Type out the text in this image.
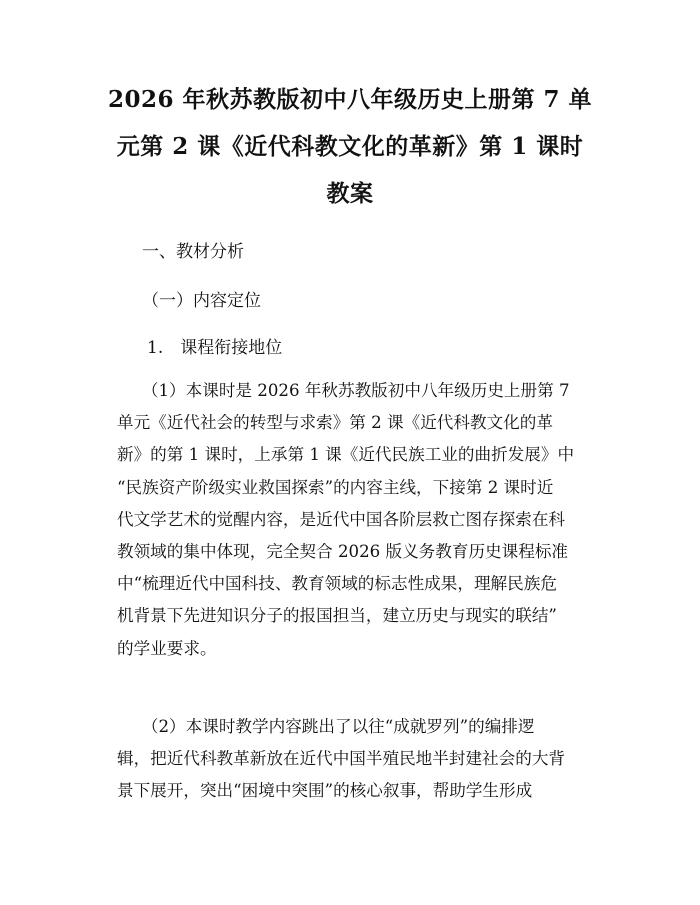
2026 年秋苏教版初中八年级历史上册第 7 单
元第 2 课《近代科教文化的革新》第 1 课时
教案
一、教材分析
（一）内容定位
1.　课程衔接地位
　　（1）本课时是 2026 年秋苏教版初中八年级历史上册第 7
单元《近代社会的转型与求索》第 2 课《近代科教文化的革
新》的第 1 课时，上承第 1 课《近代民族工业的曲折发展》中
“民族资产阶级实业救国探索”的内容主线，下接第 2 课时近
代文学艺术的觉醒内容，是近代中国各阶层救亡图存探索在科
教领域的集中体现，完全契合 2026 版义务教育历史课程标准
中“梳理近代中国科技、教育领域的标志性成果，理解民族危
机背景下先进知识分子的报国担当，建立历史与现实的联结”
的学业要求。
　　（2）本课时教学内容跳出了以往“成就罗列”的编排逻
辑，把近代科教革新放在近代中国半殖民地半封建社会的大背
景下展开，突出“困境中突围”的核心叙事，帮助学生形成
